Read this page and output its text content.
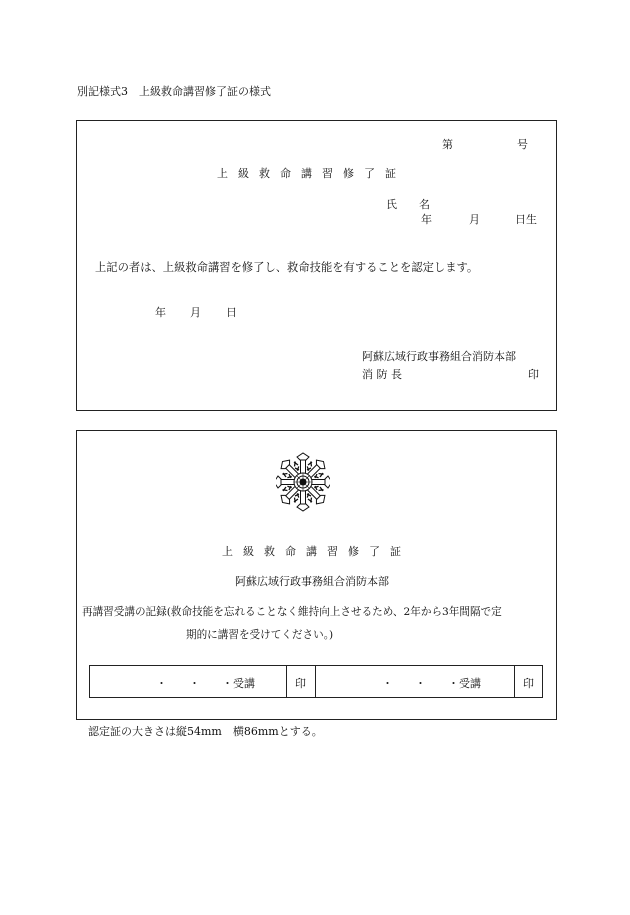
別記様式3　上級救命講習修了証の様式
第	号
上級救命講習修了証
氏　　名
年	月	日生
上記の者は、上級救命講習を修了し、救命技能を有することを認定します。
年 月 日
阿蘇広域行政事務組合消防本部
消 防 長	印
上級救命講習修了証
阿蘇広域行政事務組合消防本部
再講習受講の記録(救命技能を忘れることなく維持向上させるため、2年から3年間隔で定
期的に講習を受けてください。)
・　　・　　・受講	印	・　　・　　・受講	印
認定証の大きさは縦54mm　横86mmとする。
